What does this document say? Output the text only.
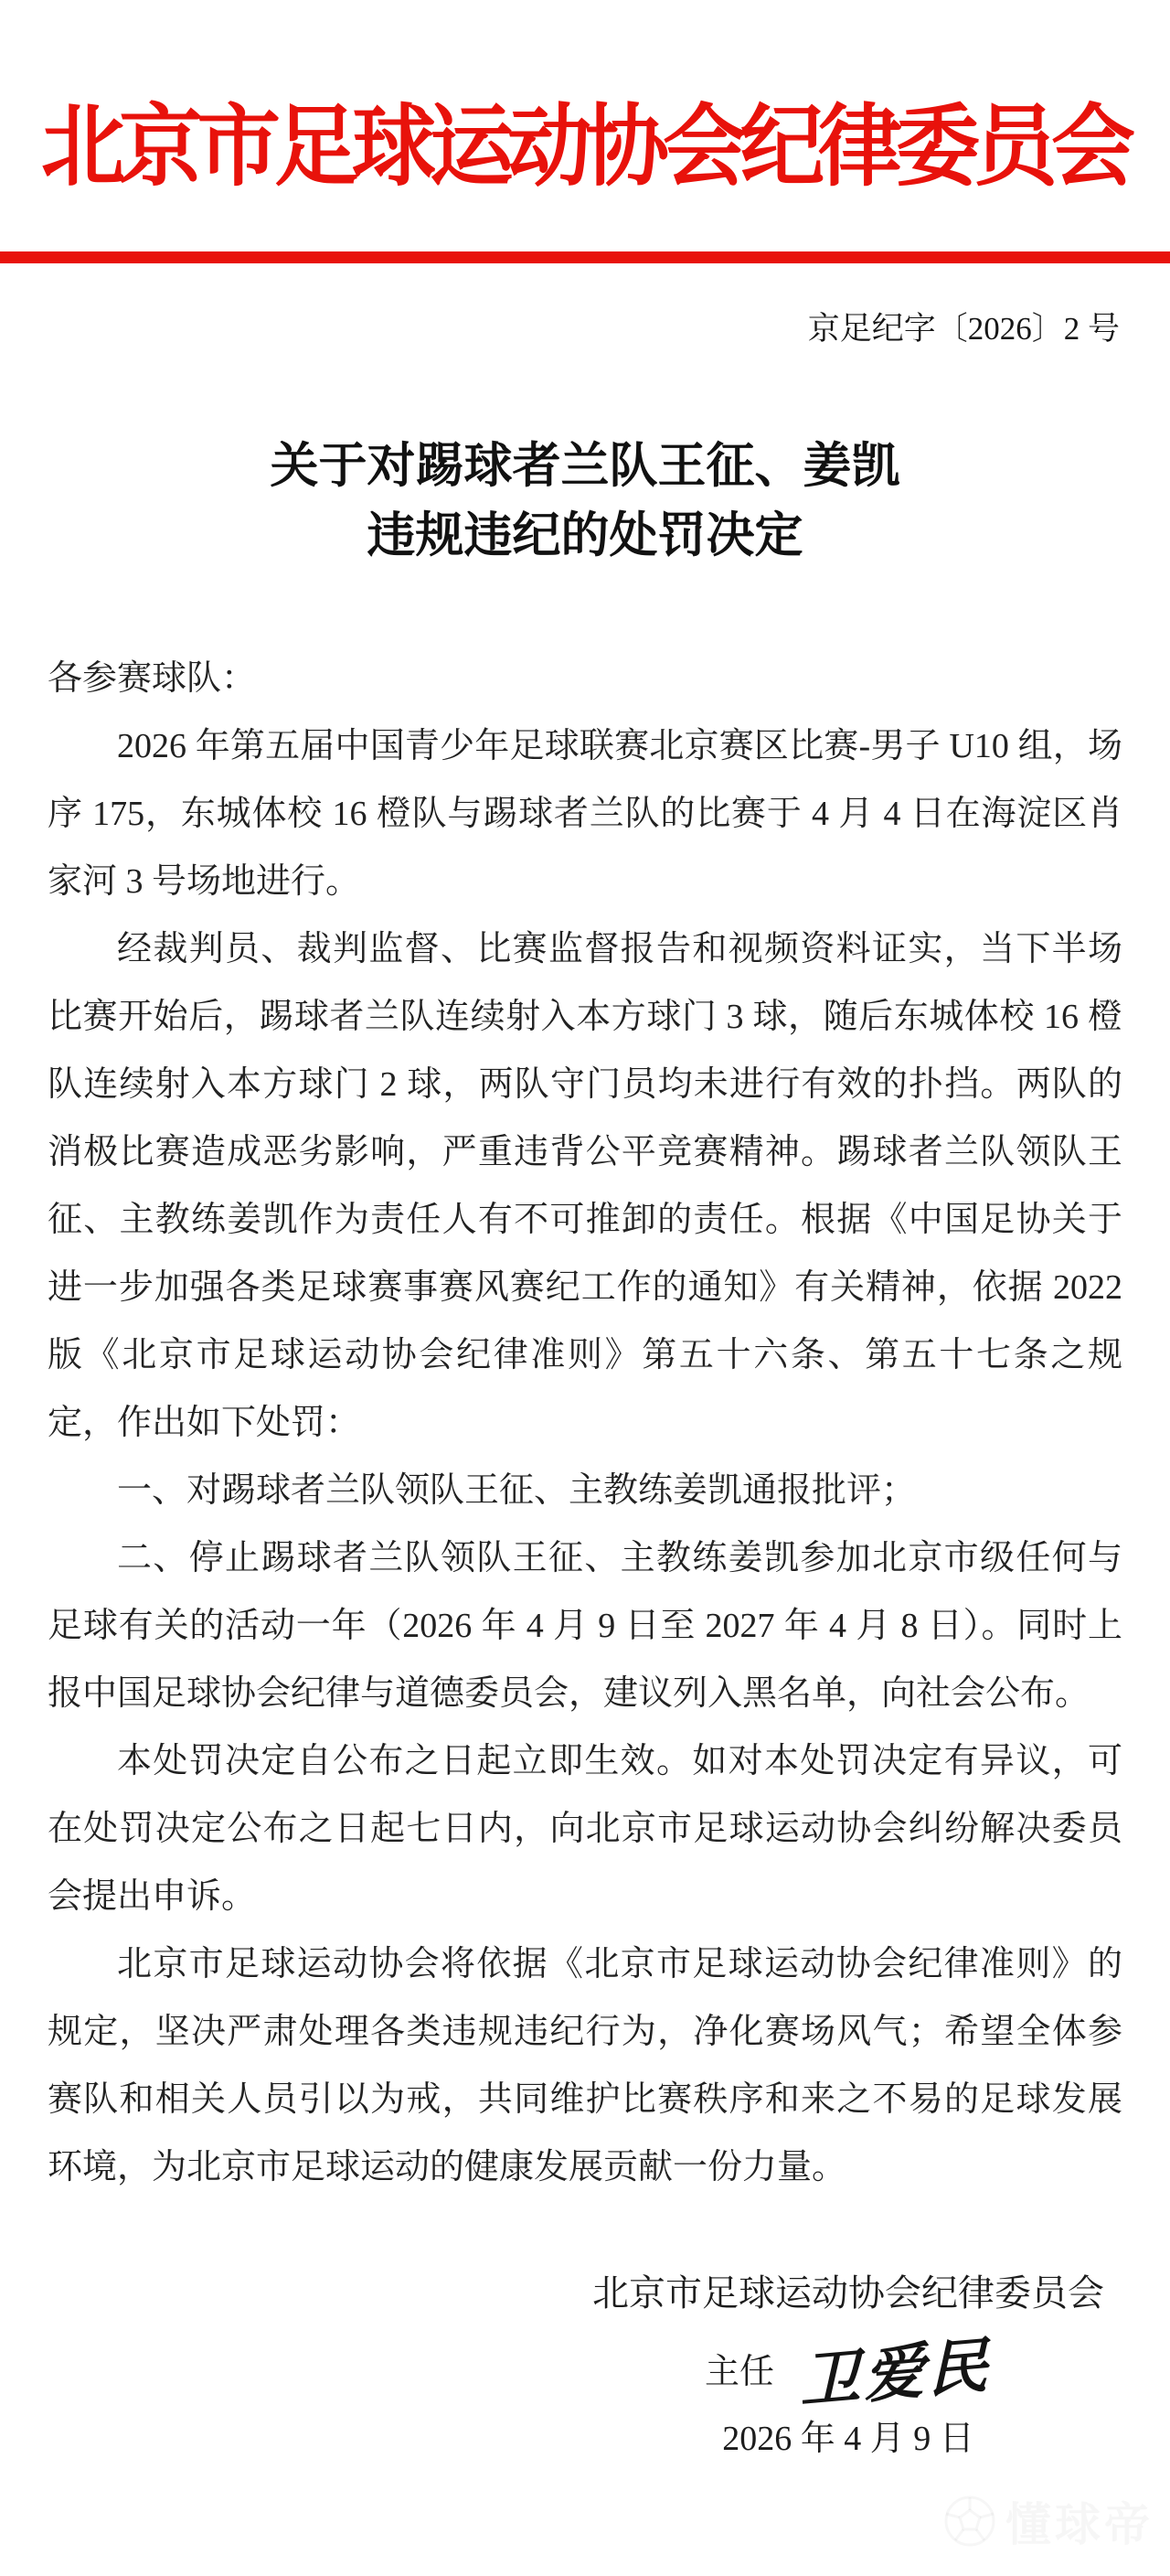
北京市足球运动协会纪律委员会
京足纪字〔2026〕2 号
关于对踢球者兰队王征、姜凯
违规违纪的处罚决定

各参赛球队：

2026 年第五届中国青少年足球联赛北京赛区比赛-男子 U10 组，场序 175，东城体校 16 橙队与踢球者兰队的比赛于 4 月 4 日在海淀区肖家河 3 号场地进行。

经裁判员、裁判监督、比赛监督报告和视频资料证实，当下半场比赛开始后，踢球者兰队连续射入本方球门 3 球，随后东城体校 16 橙队连续射入本方球门 2 球，两队守门员均未进行有效的扑挡。两队的消极比赛造成恶劣影响，严重违背公平竞赛精神。踢球者兰队领队王征、主教练姜凯作为责任人有不可推卸的责任。根据《中国足协关于进一步加强各类足球赛事赛风赛纪工作的通知》有关精神，依据 2022 版《北京市足球运动协会纪律准则》第五十六条、第五十七条之规定，作出如下处罚：

一、对踢球者兰队领队王征、主教练姜凯通报批评；

二、停止踢球者兰队领队王征、主教练姜凯参加北京市级任何与足球有关的活动一年（2026 年 4 月 9 日至 2027 年 4 月 8 日）。同时上报中国足球协会纪律与道德委员会，建议列入黑名单，向社会公布。

本处罚决定自公布之日起立即生效。如对本处罚决定有异议，可在处罚决定公布之日起七日内，向北京市足球运动协会纠纷解决委员会提出申诉。

北京市足球运动协会将依据《北京市足球运动协会纪律准则》的规定，坚决严肃处理各类违规违纪行为，净化赛场风气；希望全体参赛队和相关人员引以为戒，共同维护比赛秩序和来之不易的足球发展环境，为北京市足球运动的健康发展贡献一份力量。

北京市足球运动协会纪律委员会
主任 卫爱民
2026 年 4 月 9 日
